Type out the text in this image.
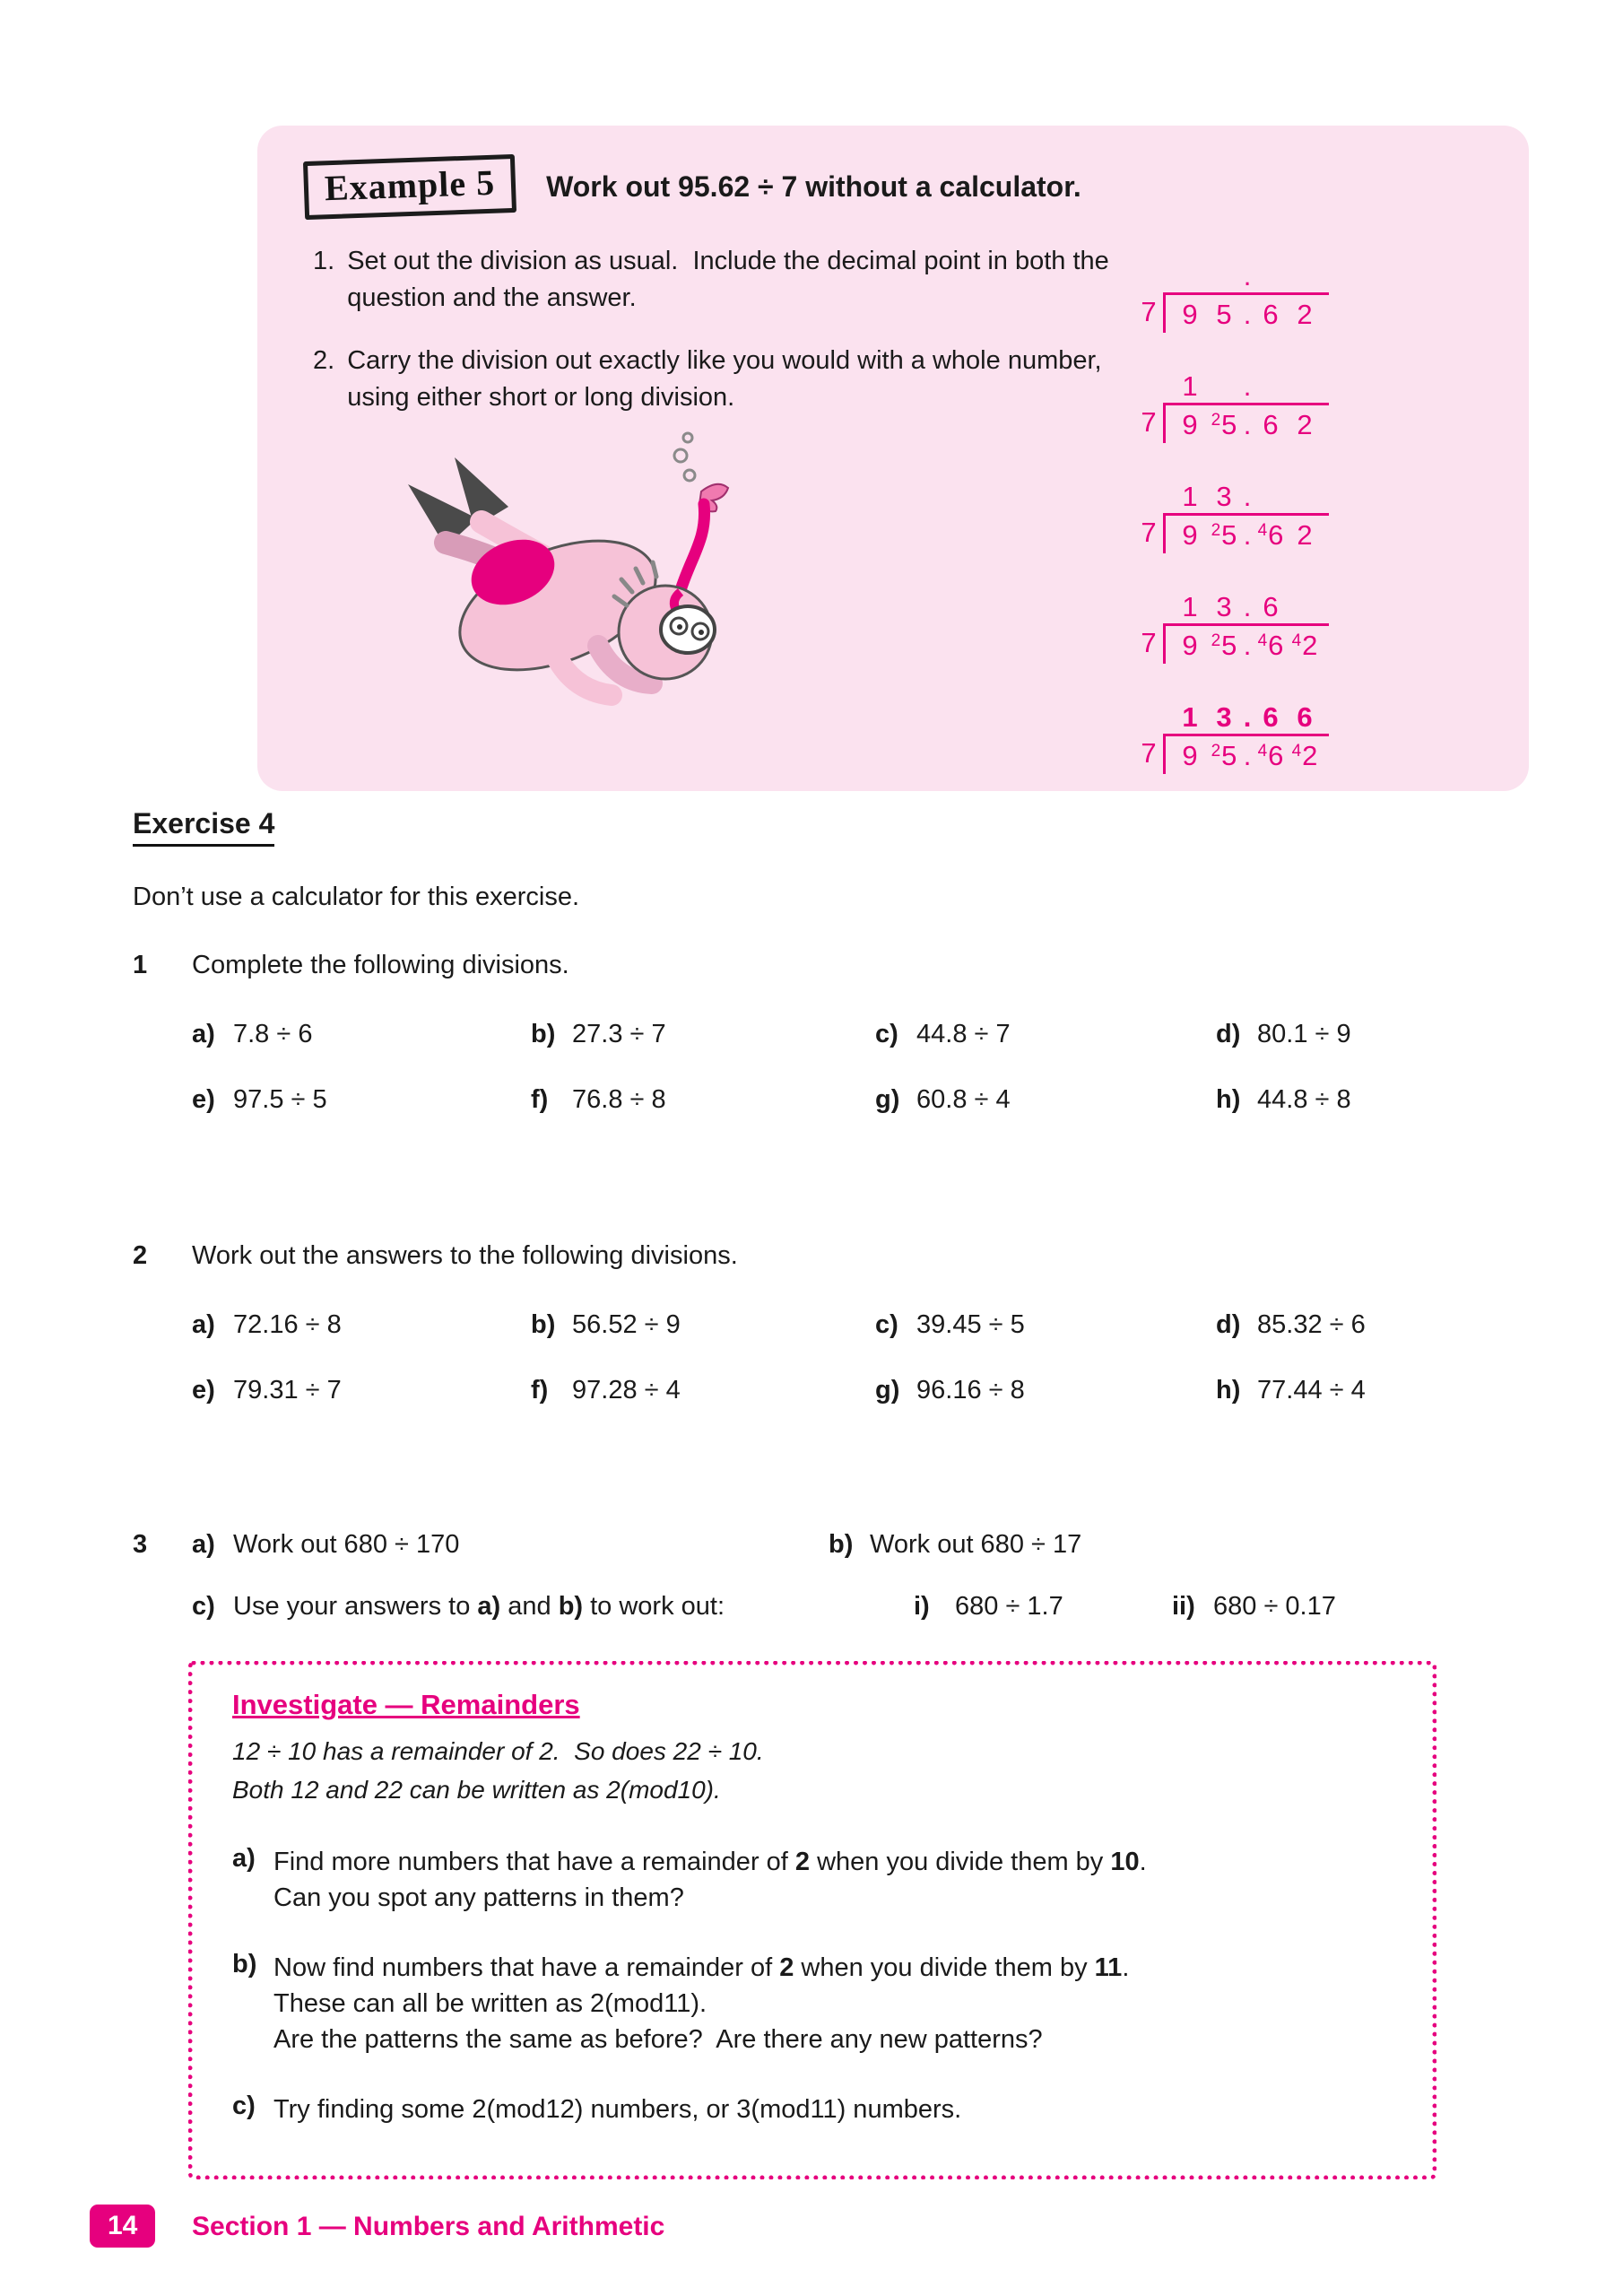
Example 5	Work out 95.62 ÷ 7 without a calculator.
1. Set out the division as usual.  Include the decimal point in both the question and the answer.
2. Carry the division out exactly like you would with a whole number, using either short or long division.
.
7 9 5 . 6 2
1	.
7 9 $^2$5 . 6 2
1 3 .
7 9 $^2$5 . $^4$6 2
1 3 . 6
7 9 $^2$5 . $^4$6 $^4$2
1 3 . 6 6
7 9 $^2$5 . $^4$6 $^4$2
Exercise 4

Don’t use a calculator for this exercise.

1	Complete the following divisions.
a) 7.8 ÷ 6	b) 27.3 ÷ 7	c) 44.8 ÷ 7	d) 80.1 ÷ 9
e) 97.5 ÷ 5	f) 76.8 ÷ 8	g) 60.8 ÷ 4	h) 44.8 ÷ 8
2	Work out the answers to the following divisions.
a) 72.16 ÷ 8	b) 56.52 ÷ 9	c) 39.45 ÷ 5	d) 85.32 ÷ 6
e) 79.31 ÷ 7	f) 97.28 ÷ 4	g) 96.16 ÷ 8	h) 77.44 ÷ 4
3	a) Work out 680 ÷ 170	b) Work out 680 ÷ 17
c) Use your answers to a) and b) to work out:	i) 680 ÷ 1.7	ii) 680 ÷ 0.17
Investigate — Remainders
12 ÷ 10 has a remainder of 2.  So does 22 ÷ 10.
Both 12 and 22 can be written as 2(mod10).
a) Find more numbers that have a remainder of 2 when you divide them by 10.
Can you spot any patterns in them?
b) Now find numbers that have a remainder of 2 when you divide them by 11.
These can all be written as 2(mod11).
Are the patterns the same as before?  Are there any new patterns?
c) Try finding some 2(mod12) numbers, or 3(mod11) numbers.
14	Section 1 — Numbers and Arithmetic
